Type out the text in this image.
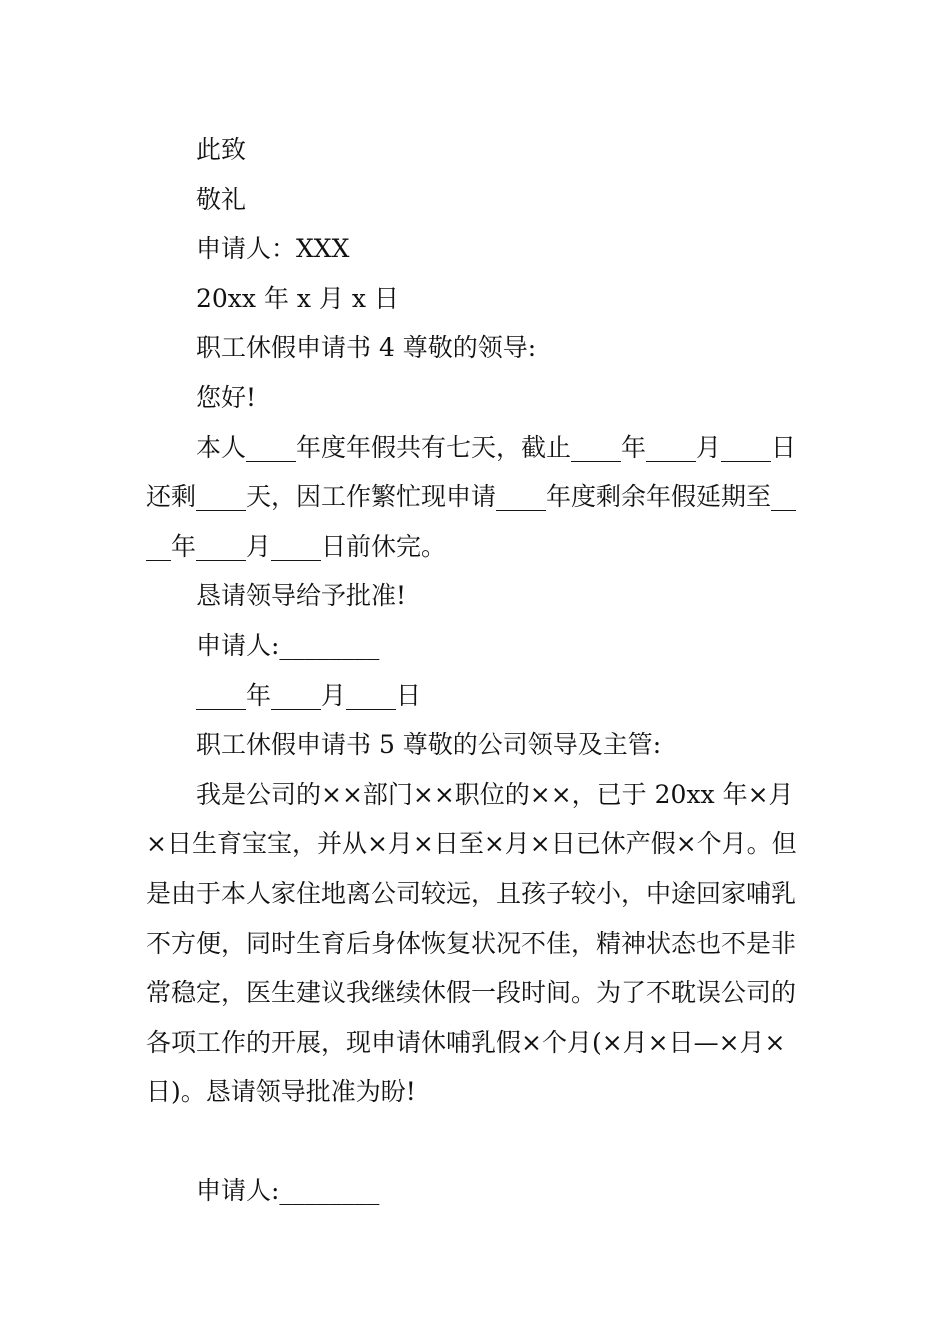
此致

敬礼

申请人：XXX

20xx 年 x 月 x 日

职工休假申请书 4 尊敬的领导:

您好!

本人____年度年假共有七天，截止____年____月____日还剩____天，因工作繁忙现申请____年度剩余年假延期至____年____月____日前休完。

恳请领导给予批准!

申请人:________

____年____月____日

职工休假申请书 5 尊敬的公司领导及主管:

我是公司的××部门××职位的××，已于 20xx 年×月×日生育宝宝，并从×月×日至×月×日已休产假×个月。但是由于本人家住地离公司较远，且孩子较小，中途回家哺乳不方便，同时生育后身体恢复状况不佳，精神状态也不是非常稳定，医生建议我继续休假一段时间。为了不耽误公司的各项工作的开展，现申请休哺乳假×个月(×月×日—×月×日)。恳请领导批准为盼!

申请人:________
